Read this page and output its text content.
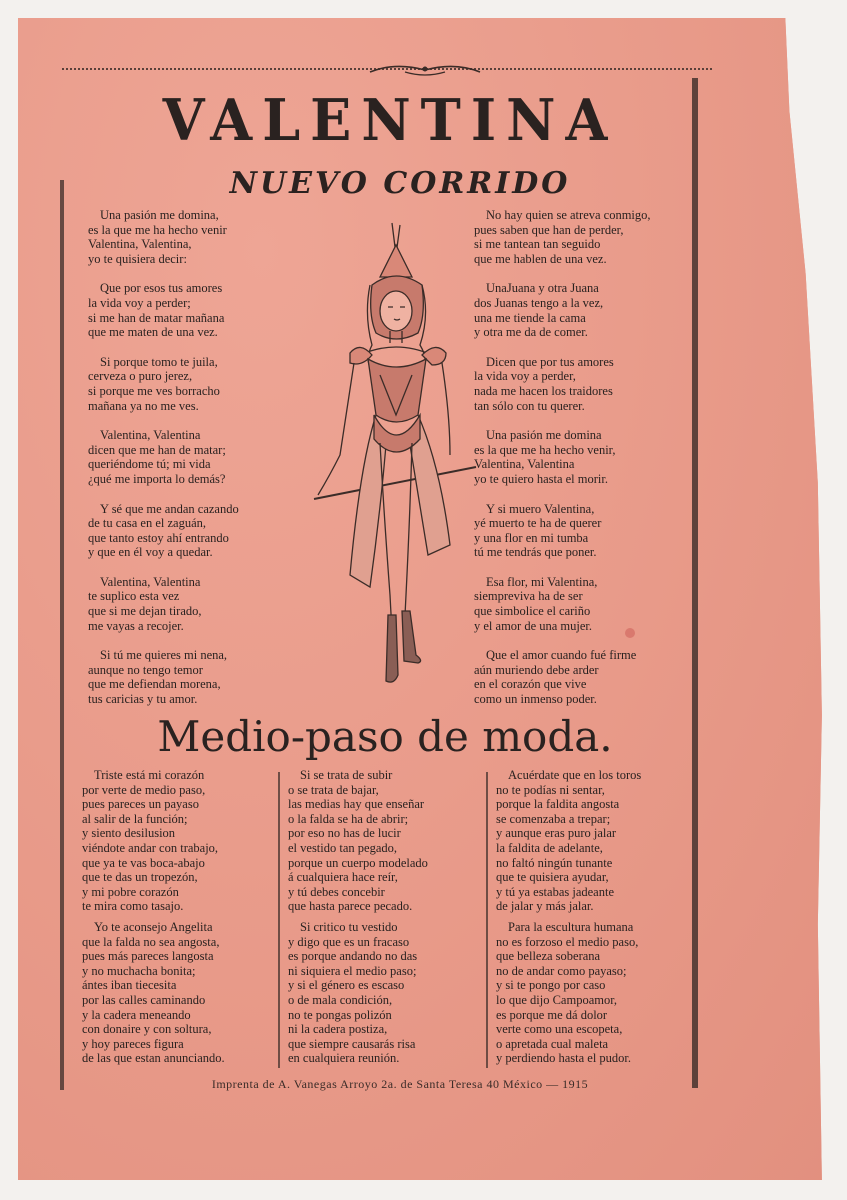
VALENTINA
NUEVO CORRIDO

Una pasión me domina,

es la que me ha hecho venir

Valentina, Valentina,

yo te quisiera decir:

Que por esos tus amores

la vida voy a perder;

si me han de matar mañana

que me maten de una vez.

Si porque tomo te juila,

cerveza o puro jerez,

si porque me ves borracho

mañana ya no me ves.

Valentina, Valentina

dicen que me han de matar;

queriéndome tú; mi vida

¿qué me importa lo demás?

Y sé que me andan cazando

de tu casa en el zaguán,

que tanto estoy ahí entrando

y que en él voy a quedar.

Valentina, Valentina

te suplico esta vez

que si me dejan tirado,

me vayas a recojer.

Si tú me quieres mi nena,

aunque no tengo temor

que me defiendan morena,

tus caricias y tu amor.

No hay quien se atreva conmigo,

pues saben que han de perder,

si me tantean tan seguido

que me hablen de una vez.

UnaJuana y otra Juana

dos Juanas tengo a la vez,

una me tiende la cama

y otra me da de comer.

Dicen que por tus amores

la vida voy a perder,

nada me hacen los traidores

tan sólo con tu querer.

Una pasión me domina

es la que me ha hecho venir,

Valentina, Valentina

yo te quiero hasta el morir.

Y si muero Valentina,

yé muerto te ha de querer

y una flor en mi tumba

tú me tendrás que poner.

Esa flor, mi Valentina,

siempreviva ha de ser

que simbolice el cariño

y el amor de una mujer.

Que el amor cuando fué firme

aún muriendo debe arder

en el corazón que vive

como un inmenso poder.

Medio-paso de moda.

Triste está mi corazón

por verte de medio paso,

pues pareces un payaso

al salir de la función;

y siento desilusion

viéndote andar con trabajo,

que ya te vas boca-abajo

que te das un tropezón,

y mi pobre corazón

te mira como tasajo.

Yo te aconsejo Angelita

que la falda no sea angosta,

pues más pareces langosta

y no muchacha bonita;

ántes iban tiecesita

por las calles caminando

y la cadera meneando

con donaire y con soltura,

y hoy pareces figura

de las que estan anunciando.

Si se trata de subir

o se trata de bajar,

las medias hay que enseñar

o la falda se ha de abrir;

por eso no has de lucir

el vestido tan pegado,

porque un cuerpo modelado

á cualquiera hace reír,

y tú debes concebir

que hasta parece pecado.

Si critico tu vestido

y digo que es un fracaso

es porque andando no das

ni siquiera el medio paso;

y si el género es escaso

o de mala condición,

no te pongas polizón

ni la cadera postiza,

que siempre causarás risa

en cualquiera reunión.

Acuérdate que en los toros

no te podías ni sentar,

porque la faldita angosta

se comenzaba a trepar;

y aunque eras puro jalar

la faldita de adelante,

no faltó ningún tunante

que te quisiera ayudar,

y tú ya estabas jadeante

de jalar y más jalar.

Para la escultura humana

no es forzoso el medio paso,

que belleza soberana

no de andar como payaso;

y si te pongo por caso

lo que dijo Campoamor,

es porque me dá dolor

verte como una escopeta,

o apretada cual maleta

y perdiendo hasta el pudor.

Imprenta de A. Vanegas Arroyo 2a. de Santa Teresa 40 México — 1915
